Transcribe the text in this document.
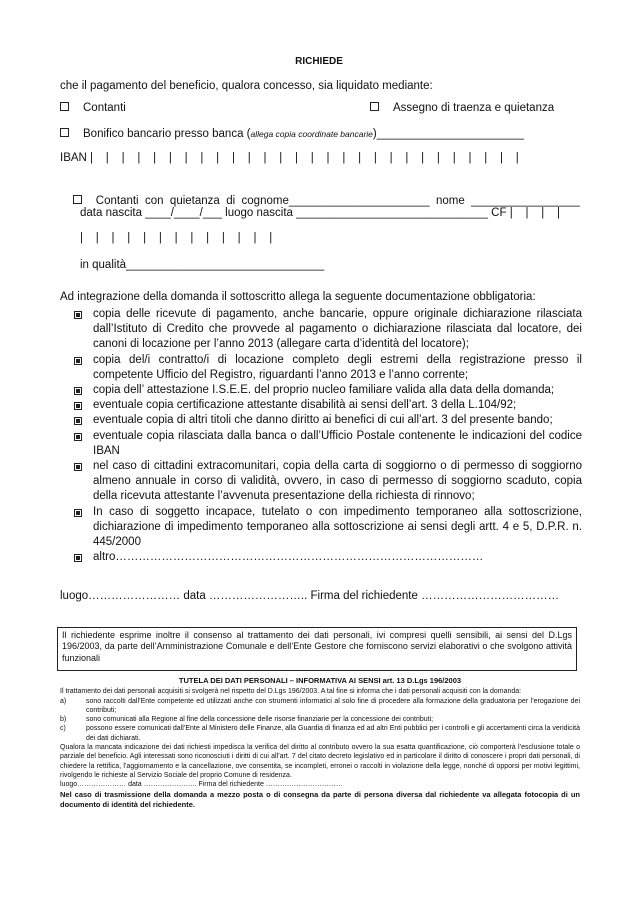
RICHIEDE
che il pagamento del beneficio, qualora concesso, sia liquidato mediante:
Contanti	Assegno di traenza e quietanza
Bonifico bancario presso banca (allega copia coordinate bancarie)_______________________
IBAN |    |    |    |    |    |    |    |    |    |    |    |    |    |    |    |    |    |    |    |    |    |    |    |    |    |    |    |

Contanti  con  quietanza  di  cognome______________________  nome  _________________

data nascita ____/____/___ luogo nascita ______________________________ CF |    |    |    |
|    |    |    |    |    |    |    |    |    |    |    |    |
in qualità_______________________________
Ad integrazione della domanda il sottoscritto allega la seguente documentazione obbligatoria:
copia delle ricevute di pagamento, anche bancarie, oppure originale dichiarazione rilasciata dall’Istituto di Credito che provvede al pagamento o dichiarazione rilasciata dal locatore, dei canoni di locazione per l’anno 2013 (allegare carta d’identità del locatore);
copia del/i contratto/i di locazione completo degli estremi della registrazione presso il competente Ufficio del Registro, riguardanti l’anno 2013 e l’anno corrente;
copia dell’ attestazione I.S.E.E. del proprio nucleo familiare valida alla data della domanda;
eventuale copia certificazione attestante disabilità ai sensi dell’art. 3 della L.104/92;
eventuale copia di altri titoli che danno diritto ai benefici di cui all’art. 3 del presente bando;
eventuale copia rilasciata dalla banca o dall’Ufficio Postale contenente le indicazioni del codice IBAN
nel caso di cittadini extracomunitari, copia della carta di soggiorno o di permesso di soggiorno almeno annuale in corso di validità, ovvero, in caso di permesso di soggiorno scaduto, copia della ricevuta attestante l’avvenuta presentazione della richiesta di rinnovo;
In caso di soggetto incapace, tutelato o con impedimento temporaneo alla sottoscrizione, dichiarazione di impedimento temporaneo alla sottoscrizione ai sensi degli artt. 4 e 5, D.P.R. n. 445/2000
altro……………………………………………………………………………………
luogo…………………… data …………………….. Firma del richiedente ………………………………
Il richiedente esprime inoltre il consenso al trattamento dei dati personali, ivi compresi quelli sensibili, ai sensi del D.Lgs 196/2003, da parte dell’Amministrazione Comunale e dell’Ente Gestore che forniscono servizi elaborativi o che svolgono attività funzionali
TUTELA DEI DATI PERSONALI – INFORMATIVA AI SENSI art. 13 D.Lgs 196/2003
Il trattamento dei dati personali acquisiti si svolgerà nel rispetto del D.Lgs 196/2003. A tal fine si informa che i dati personali acquisiti con la domanda:
a)	sono raccolti dall’Ente competente ed utilizzati anche con strumenti informatici al solo fine di procedere alla formazione della graduatoria per l’erogazione dei contributi;
b)	sono comunicati alla Regione al fine della concessione delle risorse finanziarie per la concessione dei contributi;
c)	possono essere comunicati dall’Ente al Ministero delle Finanze, alla Guardia di finanza ed ad altri Enti pubblici per i controlli e gli accertamenti circa la veridicità dei dati dichiarati.
Qualora la mancata indicazione dei dati richiesti impedisca la verifica del diritto al contributo ovvero la sua esatta quantificazione, ciò comporterà l’esclusione totale o parziale del beneficio. Agli interessati sono riconosciuti i diritti di cui all’art. 7 del citato decreto legislativo ed in particolare il diritto di conoscere i propri dati personali, di chiedere la rettifica, l’aggiornamento e la cancellazione, ove consentita, se incompleti, erronei o raccolti in violazione della legge, nonché di opporsi per motivi legittimi, rivolgendo le richieste al Servizio Sociale del proprio Comune di residenza.
luogo………………… data ………………….. Firma del richiedente ……………………………
Nel caso di trasmissione della domanda a mezzo posta o di consegna da parte di persona diversa dal richiedente va allegata fotocopia di un documento di identità del richiedente.
